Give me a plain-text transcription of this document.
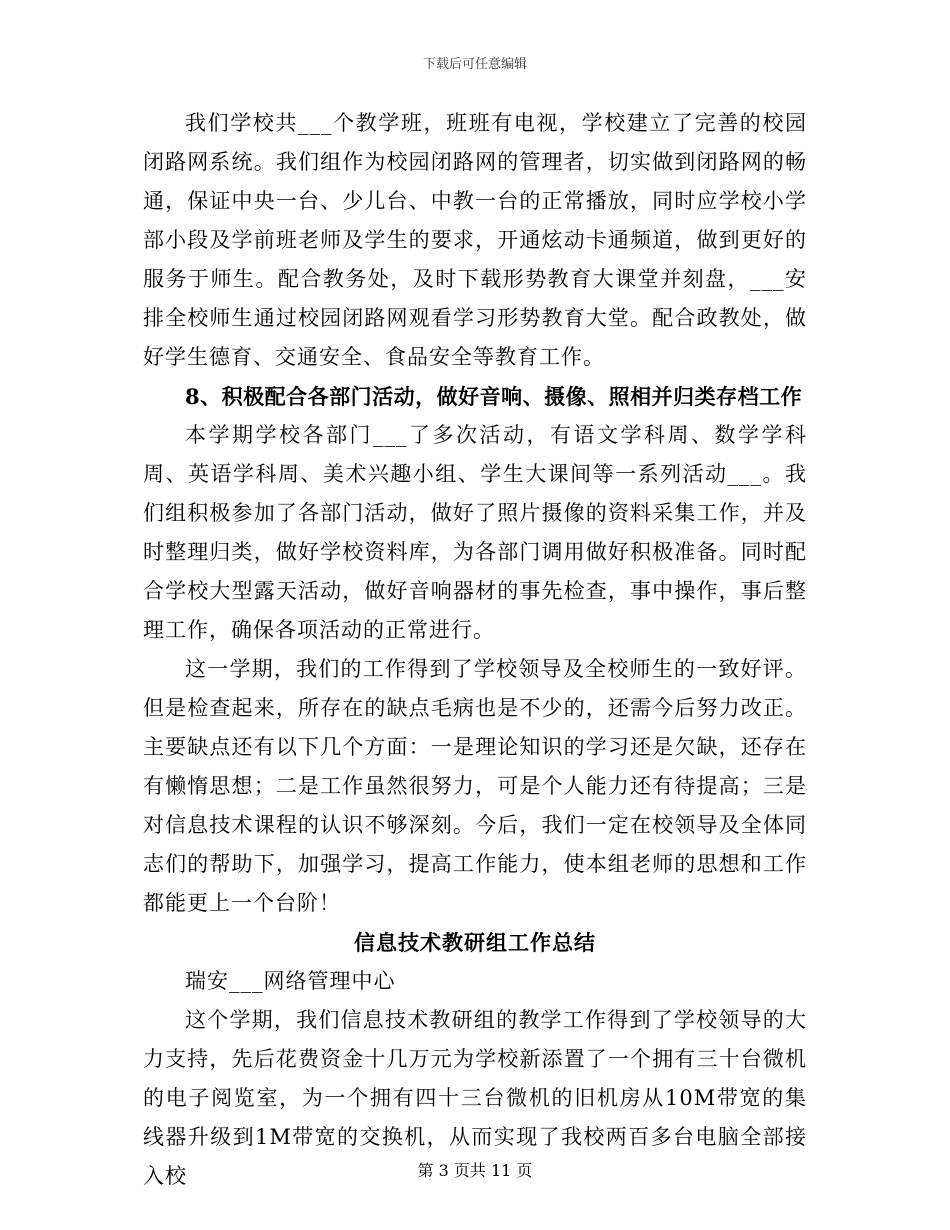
下载后可任意编辑

我们学校共___个教学班，班班有电视，学校建立了完善的校园闭路网系统。我们组作为校园闭路网的管理者，切实做到闭路网的畅通，保证中央一台、少儿台、中教一台的正常播放，同时应学校小学部小段及学前班老师及学生的要求，开通炫动卡通频道，做到更好的服务于师生。配合教务处，及时下载形势教育大课堂并刻盘，___安排全校师生通过校园闭路网观看学习形势教育大堂。配合政教处，做好学生德育、交通安全、食品安全等教育工作。

8、积极配合各部门活动，做好音响、摄像、照相并归类存档工作

本学期学校各部门___了多次活动，有语文学科周、数学学科周、英语学科周、美术兴趣小组、学生大课间等一系列活动___。我们组积极参加了各部门活动，做好了照片摄像的资料采集工作，并及时整理归类，做好学校资料库，为各部门调用做好积极准备。同时配合学校大型露天活动，做好音响器材的事先检查，事中操作，事后整理工作，确保各项活动的正常进行。

这一学期，我们的工作得到了学校领导及全校师生的一致好评。但是检查起来，所存在的缺点毛病也是不少的，还需今后努力改正。主要缺点还有以下几个方面：一是理论知识的学习还是欠缺，还存在有懒惰思想；二是工作虽然很努力，可是个人能力还有待提高；三是对信息技术课程的认识不够深刻。今后，我们一定在校领导及全体同志们的帮助下，加强学习，提高工作能力，使本组老师的思想和工作都能更上一个台阶！

信息技术教研组工作总结

瑞安___网络管理中心

这个学期，我们信息技术教研组的教学工作得到了学校领导的大力支持，先后花费资金十几万元为学校新添置了一个拥有三十台微机的电子阅览室，为一个拥有四十三台微机的旧机房从10M带宽的集线器升级到1M带宽的交换机，从而实现了我校两百多台电脑全部接入校	第 3 页共 11 页
